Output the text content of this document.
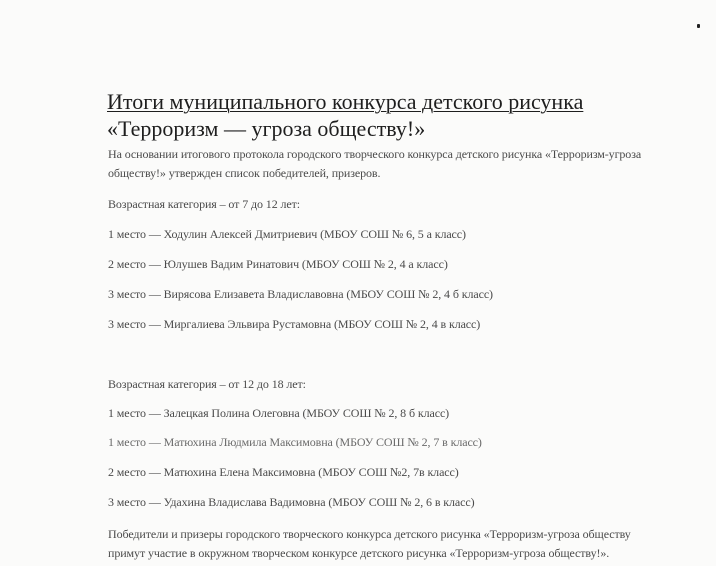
Итоги муниципального конкурса детского рисунка
«Терроризм — угроза обществу!»

На основании итогового протокола городского творческого конкурса детского рисунка «Терроризм-угроза

обществу!» утвержден список победителей, призеров.

Возрастная категория – от 7 до 12 лет:

1 место — Ходулин Алексей Дмитриевич (МБОУ СОШ № 6, 5 а класс)

2 место — Юлушев Вадим Ринатович (МБОУ СОШ № 2, 4 а класс)

3 место — Вирясова Елизавета Владиславовна (МБОУ СОШ № 2, 4 б класс)

3 место — Миргалиева Эльвира Рустамовна (МБОУ СОШ № 2, 4 в класс)

Возрастная категория – от 12 до 18 лет:

1 место — Залецкая Полина Олеговна (МБОУ СОШ № 2, 8 б класс)

1 место — Матюхина Людмила Максимовна (МБОУ СОШ № 2, 7 в класс)

2 место — Матюхина Елена Максимовна (МБОУ СОШ №2, 7в класс)

3 место — Удахина Владислава Вадимовна (МБОУ СОШ № 2, 6 в класс)

Победители и призеры городского творческого конкурса детского рисунка «Терроризм-угроза обществу

примут участие в окружном творческом конкурсе детского рисунка «Терроризм-угроза обществу!».
